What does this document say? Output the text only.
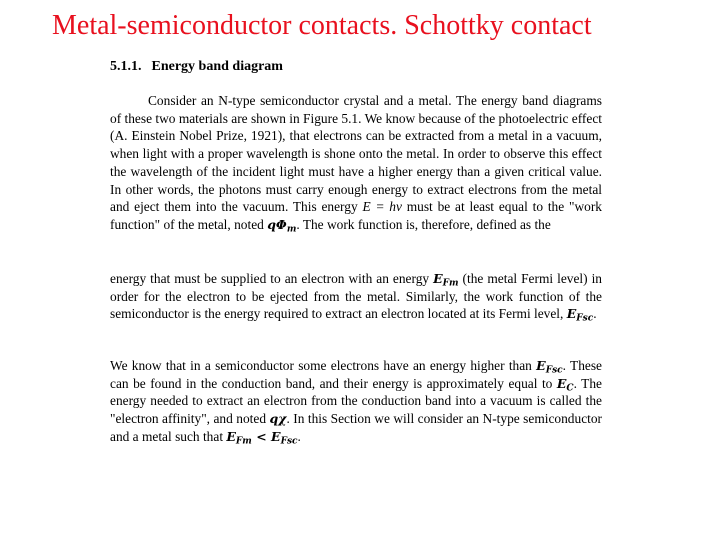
Metal-semiconductor contacts. Schottky contact
5.1.1. Energy band diagram

Consider an N-type semiconductor crystal and a metal. The energy band diagrams of these two materials are shown in Figure 5.1. We know because of the photoelectric effect (A. Einstein Nobel Prize, 1921), that electrons can be extracted from a metal in a vacuum, when light with a proper wavelength is shone onto the metal. In order to observe this effect the wavelength of the incident light must have a higher energy than a given critical value. In other words, the photons must carry enough energy to extract electrons from the metal and eject them into the vacuum. This energy E = hν must be at least equal to the "work function" of the metal, noted $q\Phi_m$. The work function is, therefore, defined as the

energy that must be supplied to an electron with an energy $E_{Fm}$ (the metal Fermi level) in order for the electron to be ejected from the metal. Similarly, the work function of the semiconductor is the energy required to extract an electron located at its Fermi level, $E_{Fsc}$.

We know that in a semiconductor some electrons have an energy higher than $E_{Fsc}$. These can be found in the conduction band, and their energy is approximately equal to $E_C$. The energy needed to extract an electron from the conduction band into a vacuum is called the "electron affinity", and noted qχ. In this Section we will consider an N-type semiconductor and a metal such that $E_{Fm} < E_{Fsc}$.
